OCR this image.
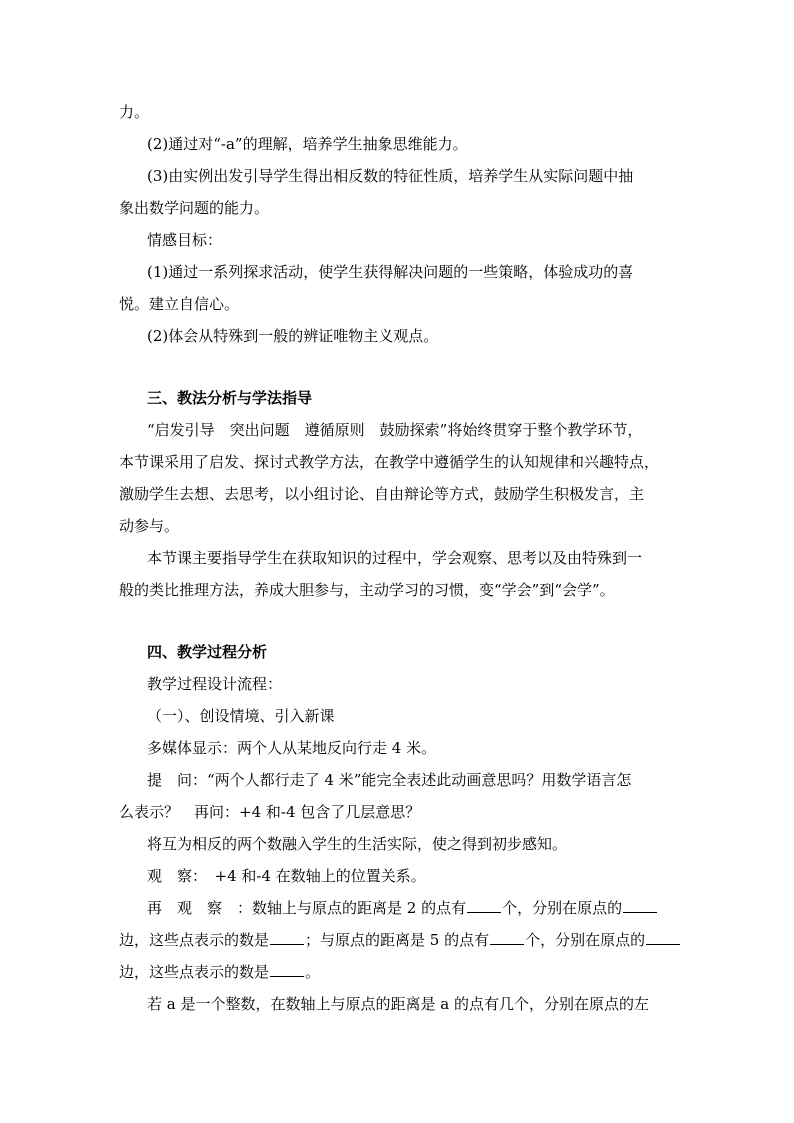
力。
(2)通过对“-a”的理解，培养学生抽象思维能力。
(3)由实例出发引导学生得出相反数的特征性质，培养学生从实际问题中抽
象出数学问题的能力。
情感目标：
(1)通过一系列探求活动，使学生获得解决问题的一些策略，体验成功的喜
悦。建立自信心。
(2)体会从特殊到一般的辨证唯物主义观点。
三、教法分析与学法指导
“启发引导　突出问题　遵循原则　鼓励探索”将始终贯穿于整个教学环节，
本节课采用了启发、探讨式教学方法，在教学中遵循学生的认知规律和兴趣特点，
激励学生去想、去思考，以小组讨论、自由辩论等方式，鼓励学生积极发言，主
动参与。
本节课主要指导学生在获取知识的过程中，学会观察、思考以及由特殊到一
般的类比推理方法，养成大胆参与，主动学习的习惯，变“学会”到“会学”。
四、教学过程分析
教学过程设计流程：
（一）、创设情境、引入新课
多媒体显示：两个人从某地反向行走 4 米。
提　问：“两个人都行走了 4 米”能完全表述此动画意思吗？用数学语言怎
么表示？　再问：+4 和-4 包含了几层意思？
将互为相反的两个数融入学生的生活实际，使之得到初步感知。
观　察：　+4 和-4 在数轴上的位置关系。
再　观　察　：数轴上与原点的距离是 2 的点有 个，分别在原点的
边，这些点表示的数是 ；与原点的距离是 5 的点有 个，分别在原点的
边，这些点表示的数是 。
若 a 是一个整数，在数轴上与原点的距离是 a 的点有几个，分别在原点的左
